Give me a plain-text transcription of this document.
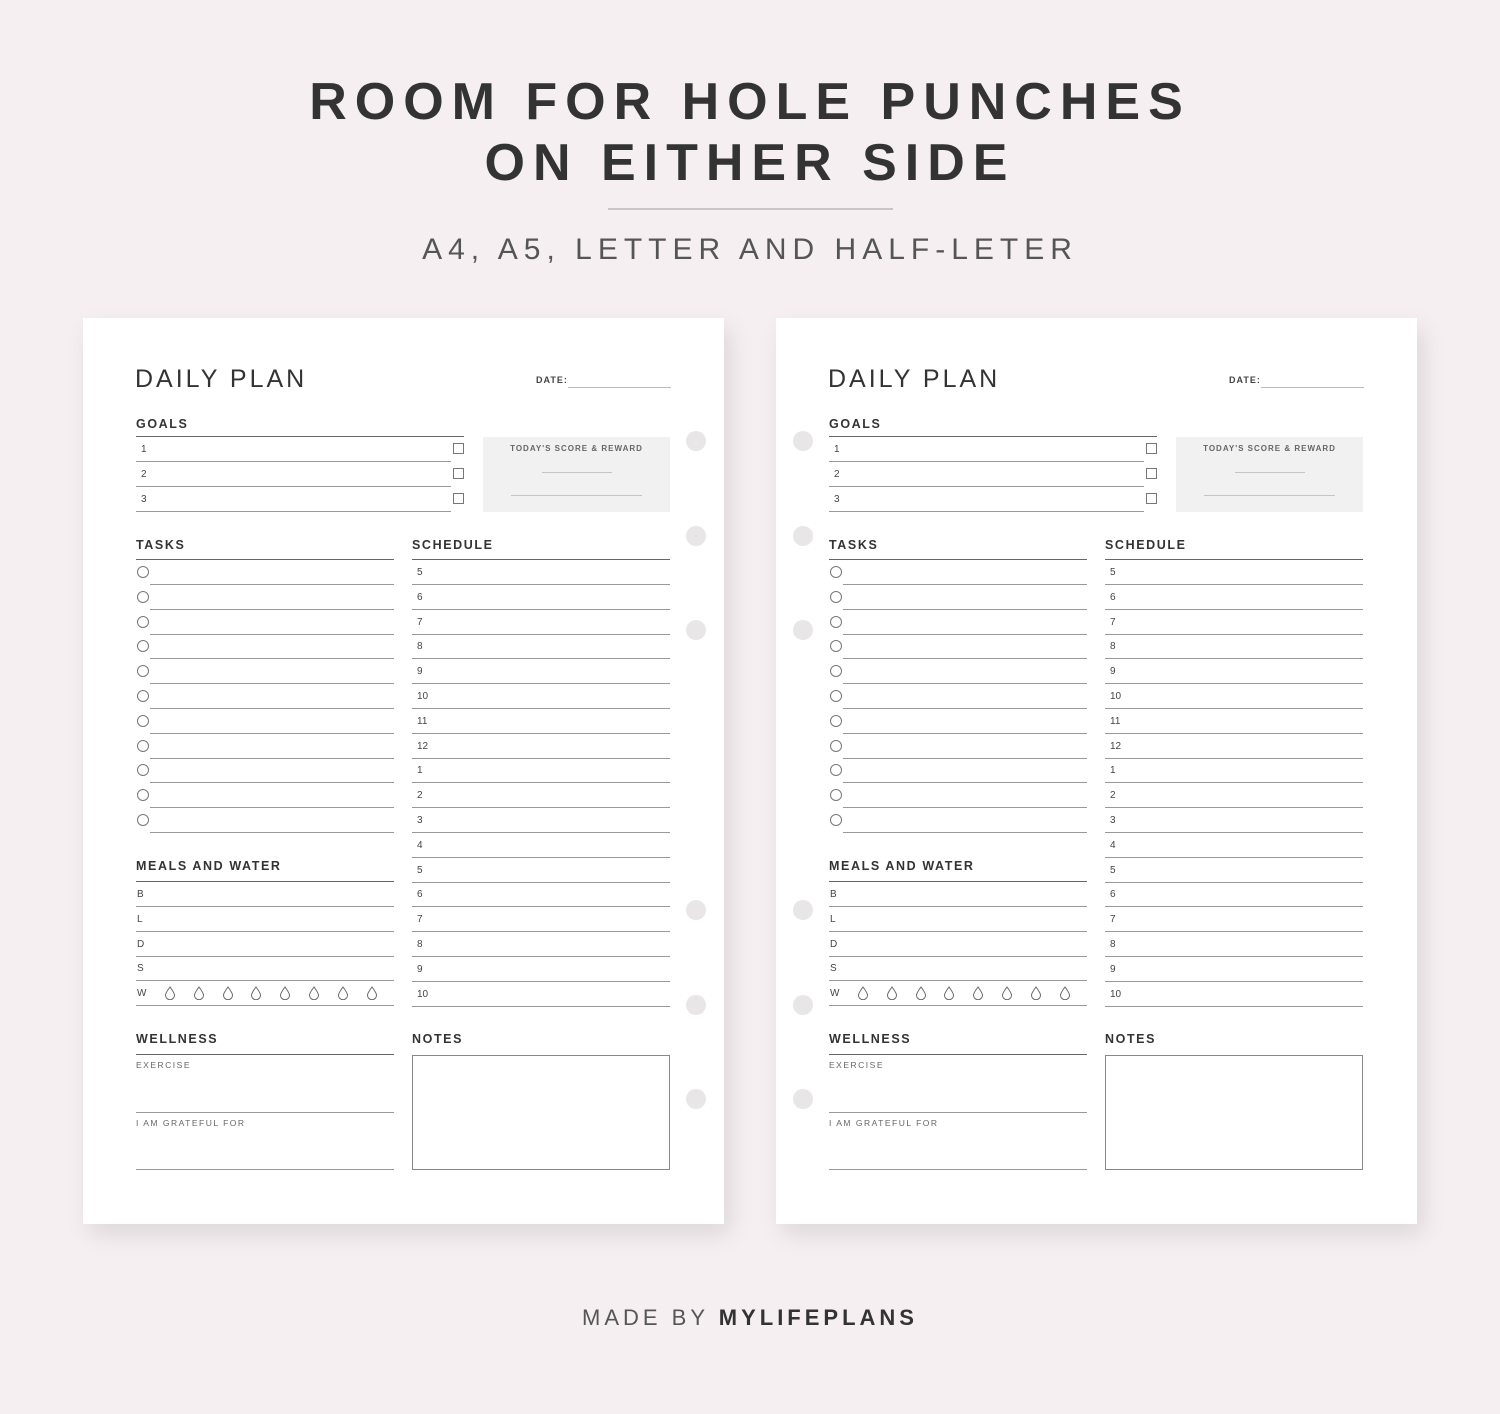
ROOM FOR HOLE PUNCHES
ON EITHER SIDE
A4, A5, LETTER AND HALF-LETER
DAILY PLAN	DATE:
GOALS
1
2
3
TODAY'S SCORE & REWARD
TASKS	SCHEDULE
5
6
7
8
9
10
11
12
1
2
3
4
5
6
7
8
9
10
MEALS AND WATER
B
L
D
S
W
WELLNESS
EXERCISE
I AM GRATEFUL FOR
NOTES
DAILY PLAN	DATE:
GOALS
1
2
3
TODAY'S SCORE & REWARD
TASKS	SCHEDULE
5
6
7
8
9
10
11
12
1
2
3
4
5
6
7
8
9
10
MEALS AND WATER
B
L
D
S
W
WELLNESS
EXERCISE
I AM GRATEFUL FOR
NOTES
MADE BY MYLIFEPLANS
